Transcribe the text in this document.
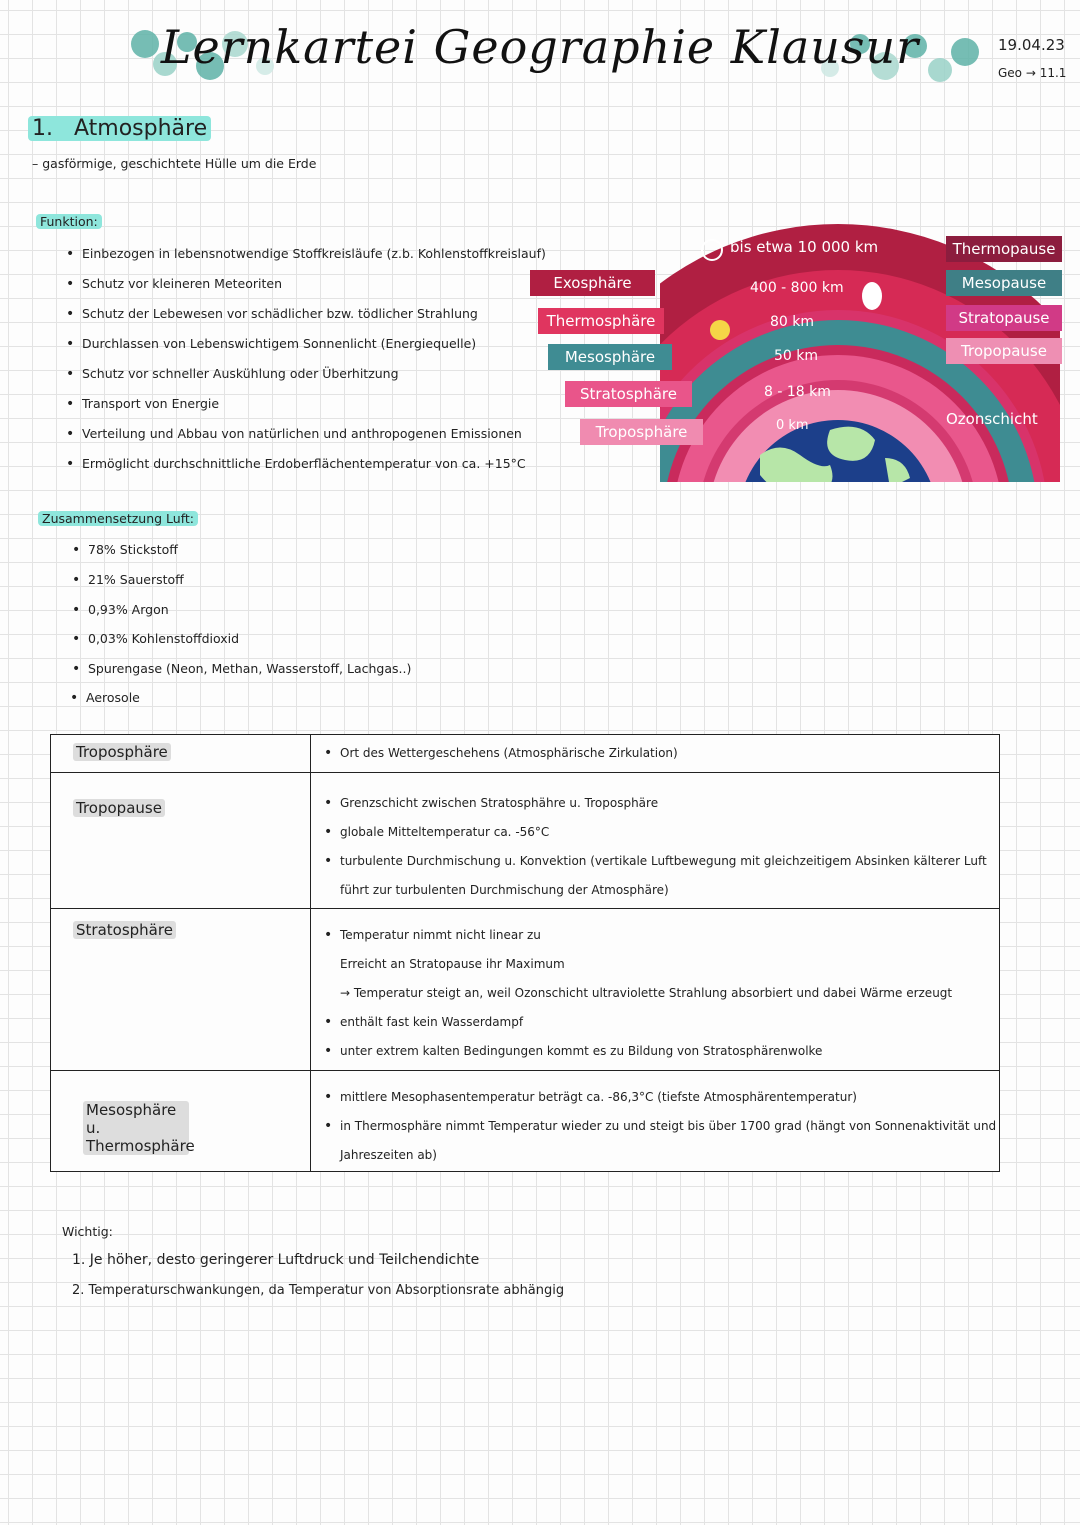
Lernkartei Geographie Klausur	19.04.23
Geo → 11.1
1. Atmosphäre
– gasförmige, geschichtete Hülle um die Erde
Funktion:
• Einbezogen in lebensnotwendige Stoffkreisläufe (z.b. Kohlenstoffkreislauf)
• Schutz vor kleineren Meteoriten
• Schutz der Lebewesen vor schädlicher bzw. tödlicher Strahlung
• Durchlassen von Lebenswichtigem Sonnenlicht (Energiequelle)
• Schutz vor schneller Auskühlung oder Überhitzung
• Transport von Energie
• Verteilung und Abbau von natürlichen und anthropogenen Emissionen
• Ermöglicht durchschnittliche Erdoberflächentemperatur von ca. +15°C
bis etwa 10 000 km
400 - 800 km
80 km
50 km
8 - 18 km
0 km
Exosphäre
Thermosphäre
Mesosphäre
Stratosphäre
Troposphäre
Thermopause
Mesopause
Stratopause
Tropopause
Ozonschicht
Zusammensetzung Luft:
• 78% Stickstoff
• 21% Sauerstoff
• 0,93% Argon
• 0,03% Kohlenstoffdioxid
• Spurengase (Neon, Methan, Wasserstoff, Lachgas..)
• Aerosole
Troposphäre	• Ort des Wettergeschehens (Atmosphärische Zirkulation)

Tropopause	• Grenzschicht zwischen Stratosphähre u. Troposphäre
• globale Mitteltemperatur ca. -56°C
• turbulente Durchmischung u. Konvektion (vertikale Luftbewegung mit gleichzeitigem Absinken kälterer Luft
führt zur turbulenten Durchmischung der Atmosphäre)

Stratosphäre	• Temperatur nimmt nicht linear zu
Erreicht an Stratopause ihr Maximum
→ Temperatur steigt an, weil Ozonschicht ultraviolette Strahlung absorbiert und dabei Wärme erzeugt
• enthält fast kein Wasserdampf
• unter extrem kalten Bedingungen kommt es zu Bildung von Stratosphärenwolke

Mesosphäre u. Thermosphäre	• mittlere Mesophasentemperatur beträgt ca. -86,3°C (tiefste Atmosphärentemperatur)
• in Thermosphäre nimmt Temperatur wieder zu und steigt bis über 1700 grad (hängt von Sonnenaktivität und
Jahreszeiten ab)
Wichtig:
1. Je höher, desto geringerer Luftdruck und Teilchendichte
2. Temperaturschwankungen, da Temperatur von Absorptionsrate abhängig
